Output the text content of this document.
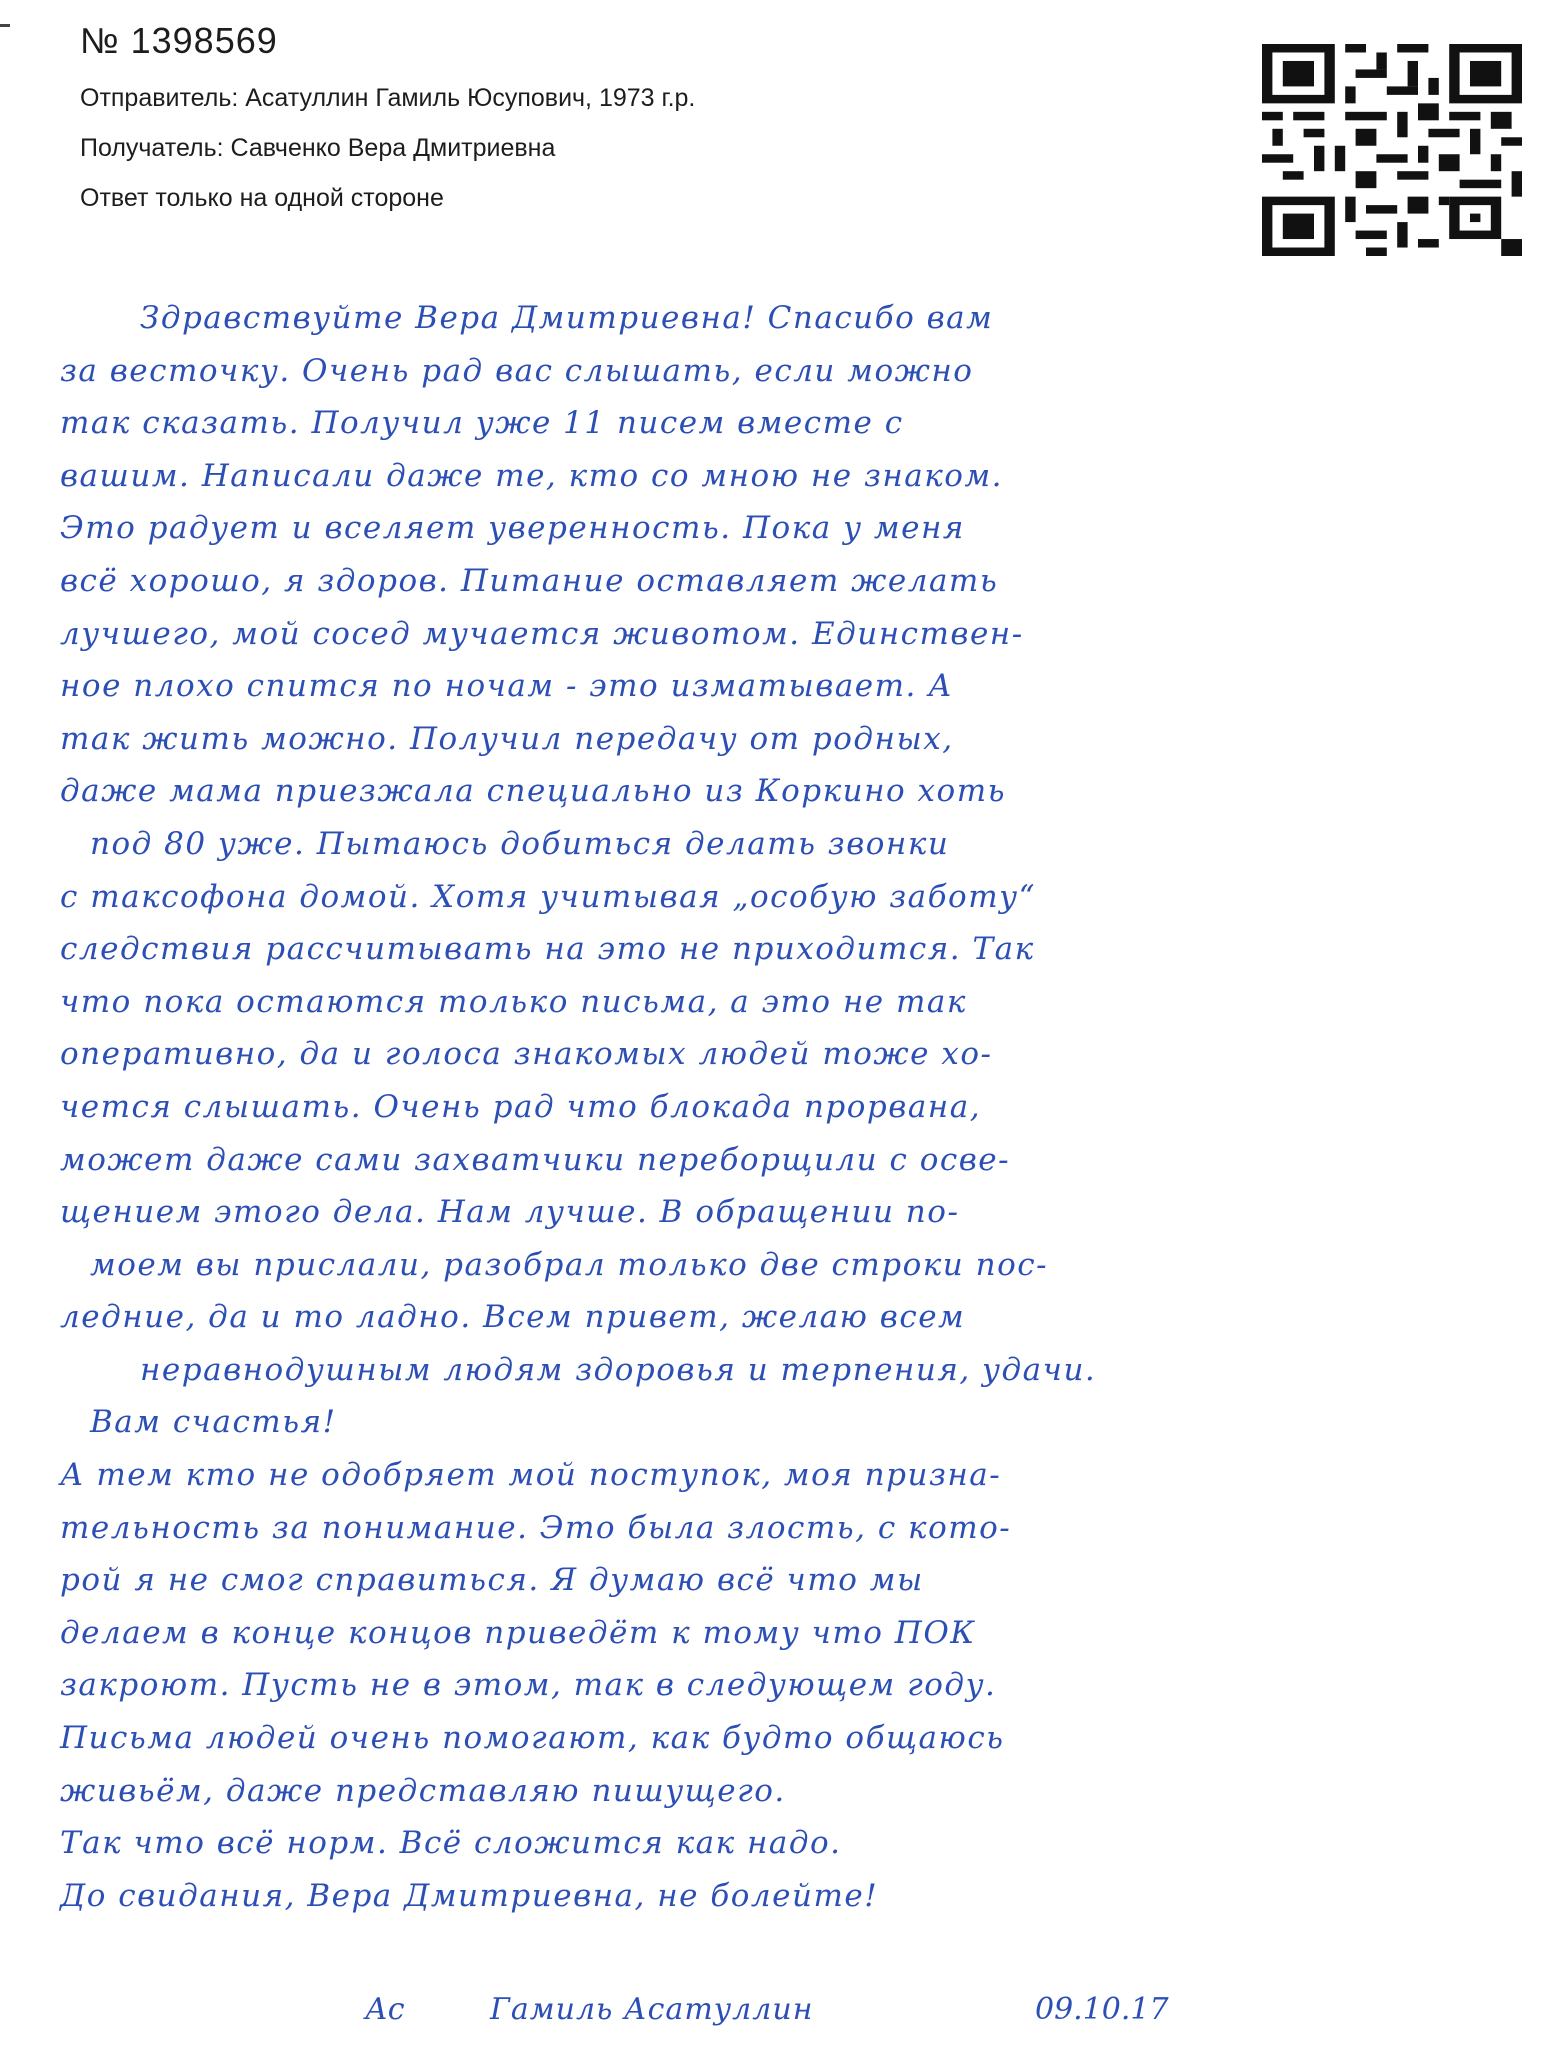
№ 1398569
Отправитель: Асатуллин Гамиль Юсупович, 1973 г.р.
Получатель: Савченко Вера Дмитриевна
Ответ только на одной стороне
Здравствуйте Вера Дмитриевна! Спасибо вам
за весточку. Очень рад вас слышать, если можно
так сказать. Получил уже 11 писем вместе с
вашим. Написали даже те, кто со мною не знаком.
Это радует и вселяет уверенность. Пока у меня
всё хорошо, я здоров. Питание оставляет желать
лучшего, мой сосед мучается животом. Единствен-
ное плохо спится по ночам - это изматывает. А
так жить можно. Получил передачу от родных,
даже мама приезжала специально из Коркино хоть
под 80 уже. Пытаюсь добиться делать звонки
с таксофона домой. Хотя учитывая „особую заботу“
следствия рассчитывать на это не приходится. Так
что пока остаются только письма, а это не так
оперативно, да и голоса знакомых людей тоже хо-
чется слышать. Очень рад что блокада прорвана,
может даже сами захватчики переборщили с осве-
щением этого дела. Нам лучше. В обращении по-
моем вы прислали, разобрал только две строки пос-
ледние, да и то ладно. Всем привет, желаю всем
неравнодушным людям здоровья и терпения, удачи.
Вам счастья!
А тем кто не одобряет мой поступок, моя призна-
тельность за понимание. Это была злость, с кото-
рой я не смог справиться. Я думаю всё что мы
делаем в конце концов приведёт к тому что ПОК
закроют. Пусть не в этом, так в следующем году.
Письма людей очень помогают, как будто общаюсь
живьём, даже представляю пишущего.
Так что всё норм. Всё сложится как надо.
До свидания, Вера Дмитриевна, не болейте!
Ас	Гамиль Асатуллин	09.10.17
